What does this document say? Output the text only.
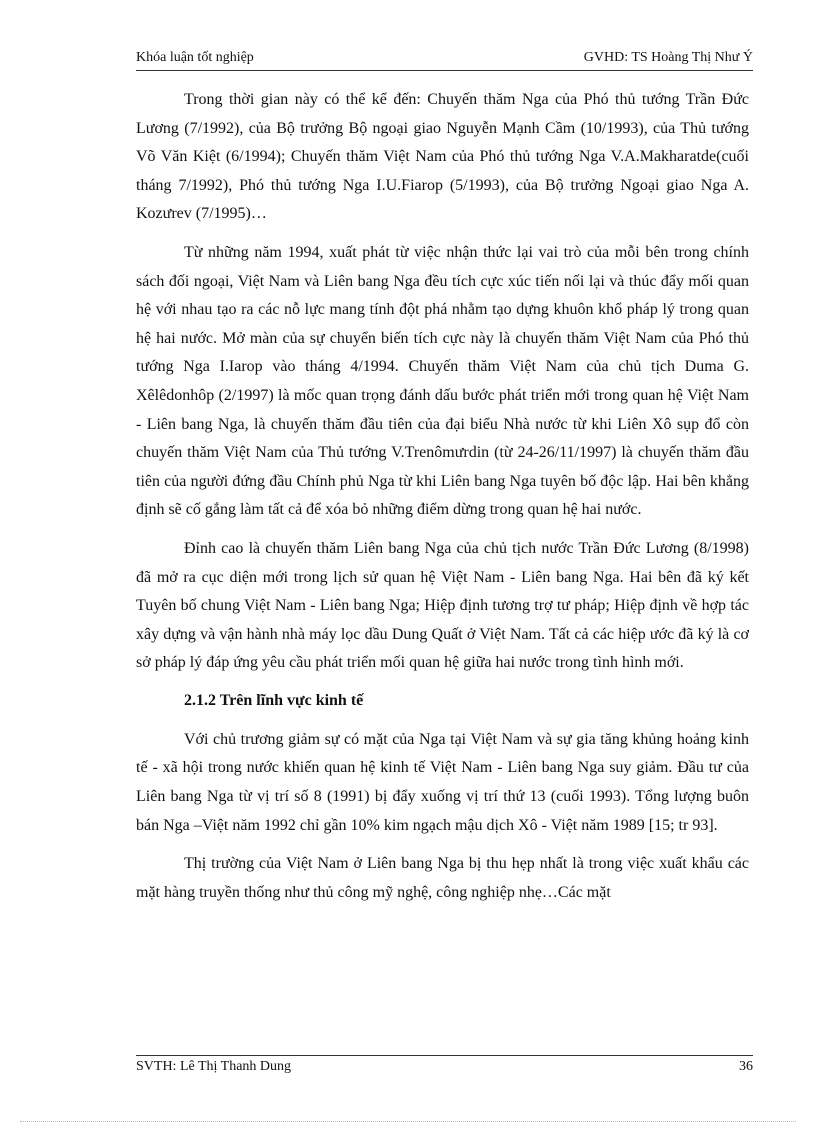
Khóa luận tốt nghiệp	GVHD: TS Hoàng Thị Như Ý

Trong thời gian này có thể kể đến: Chuyến thăm Nga của Phó thủ tướng Trần Đức Lương (7/1992), của Bộ trưởng Bộ ngoại giao Nguyễn Mạnh Cầm (10/1993), của Thủ tướng Võ Văn Kiệt (6/1994); Chuyến thăm Việt Nam của Phó thủ tướng Nga V.A.Makharatde(cuối tháng 7/1992), Phó thủ tướng Nga I.U.Fiarop (5/1993), của Bộ trưởng Ngoại giao Nga A. Kozưrev (7/1995)…

Từ những năm 1994, xuất phát từ việc nhận thức lại vai trò của mỗi bên trong chính sách đối ngoại, Việt Nam và Liên bang Nga đều tích cực xúc tiến nối lại và thúc đẩy mối quan hệ với nhau tạo ra các nỗ lực mang tính đột phá nhằm tạo dựng khuôn khổ pháp lý trong quan hệ hai nước. Mở màn của sự chuyển biến tích cực này là chuyến thăm Việt Nam của Phó thủ tướng Nga I.Iarop vào tháng 4/1994. Chuyến thăm Việt Nam của chủ tịch Duma G. Xêlêdonhôp (2/1997) là mốc quan trọng đánh dấu bước phát triển mới trong quan hệ Việt Nam - Liên bang Nga, là chuyến thăm đầu tiên của đại biểu Nhà nước từ khi Liên Xô sụp đổ còn chuyến thăm Việt Nam của Thủ tướng V.Trenômưrdin (từ 24-26/11/1997) là chuyến thăm đầu tiên của người đứng đầu Chính phủ Nga từ khi Liên bang Nga tuyên bố độc lập. Hai bên khẳng định sẽ cố gắng làm tất cả để xóa bỏ những điểm dừng trong quan hệ hai nước.

Đỉnh cao là chuyến thăm Liên bang Nga của chủ tịch nước Trần Đức Lương (8/1998) đã mở ra cục diện mới trong lịch sử quan hệ Việt Nam - Liên bang Nga. Hai bên đã ký kết Tuyên bố chung Việt Nam - Liên bang Nga; Hiệp định tương trợ tư pháp; Hiệp định về hợp tác xây dựng và vận hành nhà máy lọc dầu Dung Quất ở Việt Nam. Tất cả các hiệp ước đã ký là cơ sở pháp lý đáp ứng yêu cầu phát triển mối quan hệ giữa hai nước trong tình hình mới.

2.1.2 Trên lĩnh vực kinh tế

Với chủ trương giảm sự có mặt của Nga tại Việt Nam và sự gia tăng khủng hoảng kinh tế - xã hội trong nước khiến quan hệ kinh tế Việt Nam - Liên bang Nga suy giảm. Đầu tư của Liên bang Nga từ vị trí số 8 (1991) bị đẩy xuống vị trí thứ 13 (cuối 1993). Tổng lượng buôn bán Nga –Việt năm 1992 chỉ gần 10% kim ngạch mậu dịch Xô - Việt năm 1989 [15; tr 93].

Thị trường của Việt Nam ở Liên bang Nga bị thu hẹp nhất là trong việc xuất khẩu các mặt hàng truyền thống như thủ công mỹ nghệ, công nghiệp nhẹ…Các mặt

SVTH: Lê Thị Thanh Dung	36
